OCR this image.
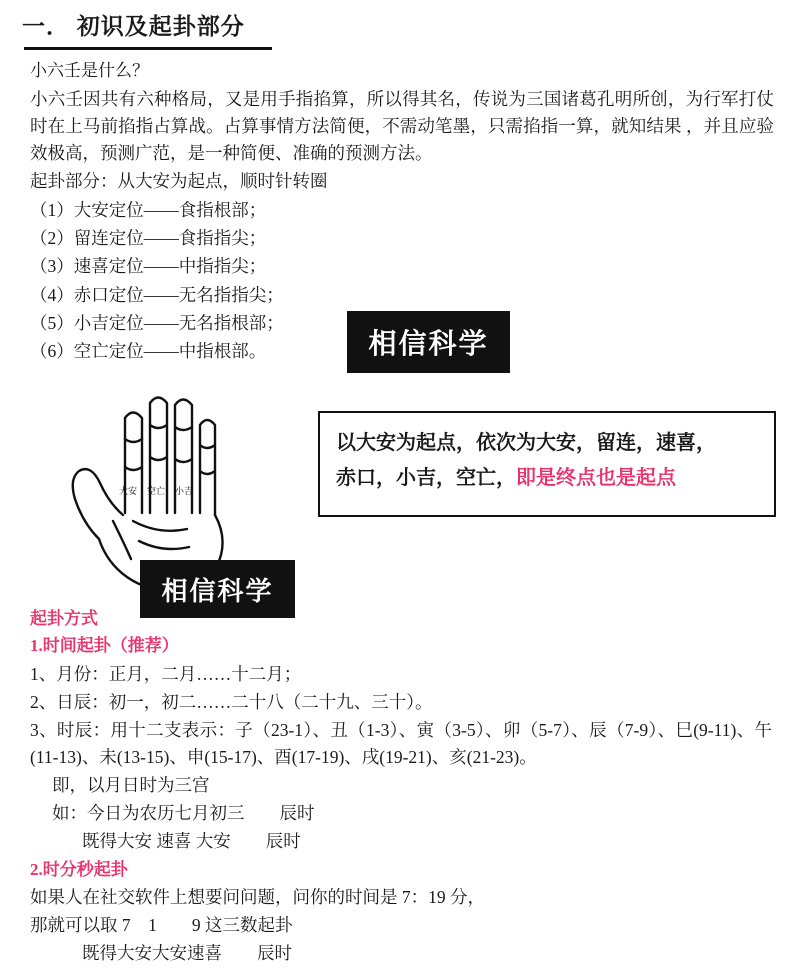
一． 初识及起卦部分

小六壬是什么？

小六壬因共有六种格局，又是用手指掐算，所以得其名，传说为三国诸葛孔明所创，为行军打仗时在上马前掐指占算战。占算事情方法简便，不需动笔墨，只需掐指一算，就知结果 ，并且应验效极高，预测广范，是一种简便、准确的预测方法。

起卦部分：从大安为起点，顺时针转圈

（1）大安定位——食指根部；

（2）留连定位——食指指尖；

（3）速喜定位——中指指尖；

（4）赤口定位——无名指指尖；

（5）小吉定位——无名指根部；

（6）空亡定位——中指根部。

大安 空亡 小吉
相信科学
相信科学
以大安为起点，依次为大安，留连，速喜，
赤口，小吉，空亡，即是终点也是起点

起卦方式

1.时间起卦（推荐）

1、月份：正月，二月……十二月；

2、日辰：初一，初二……二十八（二十九、三十）。

3、时辰：用十二支表示：子（23-1）、丑（1-3）、寅（3-5）、卯（5-7）、辰（7-9）、巳(9-11)、午(11-13)、未(13-15)、申(15-17)、酉(17-19)、戌(19-21)、亥(21-23)。

即，以月日时为三宫

如：今日为农历七月初三　　辰时

既得大安 速喜 大安　　辰时

2.时分秒起卦

如果人在社交软件上想要问问题，问你的时间是 7：19 分，

那就可以取 7　1　　9 这三数起卦

既得大安大安速喜　　辰时
